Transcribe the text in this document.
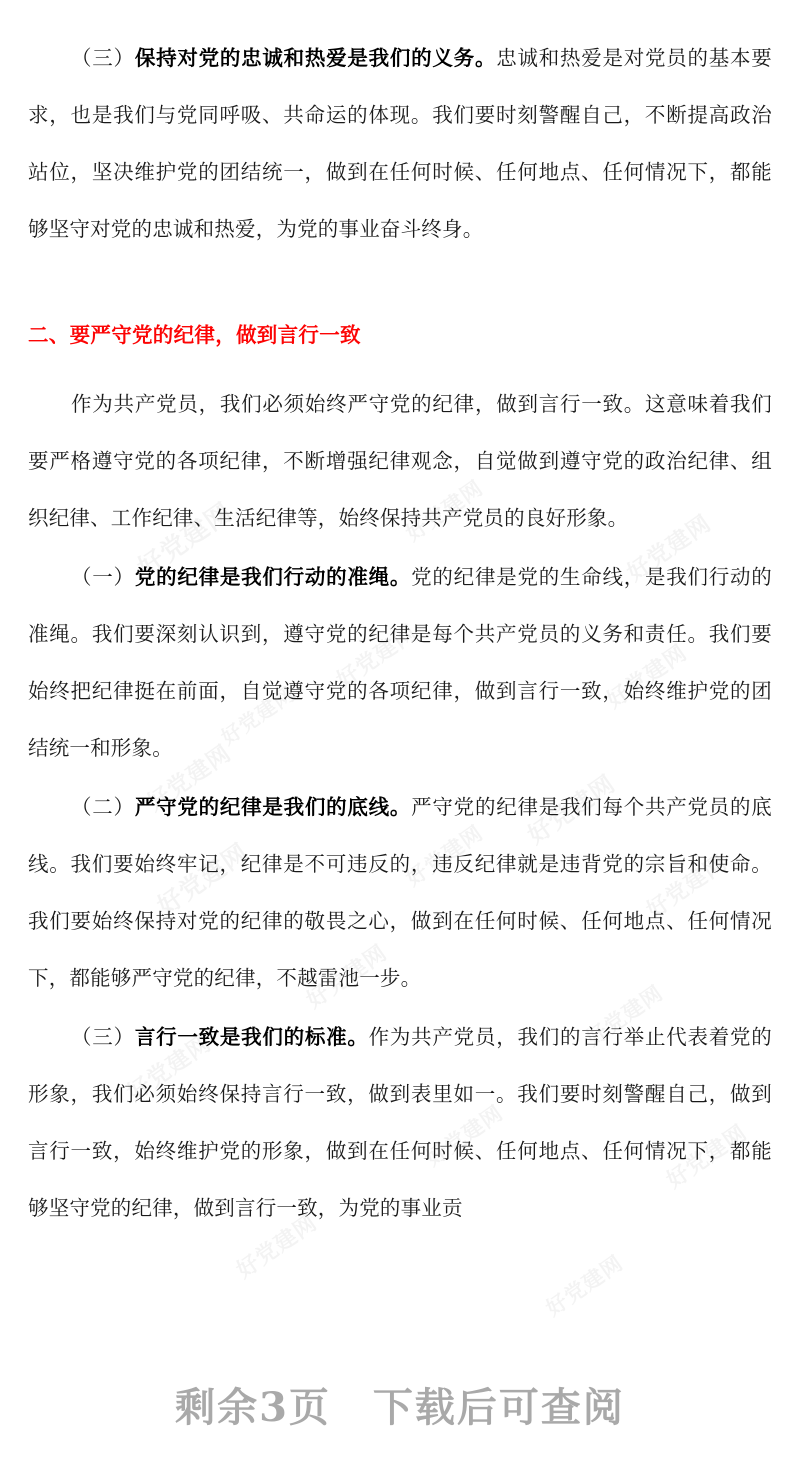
（三）保持对党的忠诚和热爱是我们的义务。忠诚和热爱是对党员的基本要求，也是我们与党同呼吸、共命运的体现。我们要时刻警醒自己，不断提高政治站位，坚决维护党的团结统一，做到在任何时候、任何地点、任何情况下，都能够坚守对党的忠诚和热爱，为党的事业奋斗终身。

二、要严守党的纪律，做到言行一致

作为共产党员，我们必须始终严守党的纪律，做到言行一致。这意味着我们要严格遵守党的各项纪律，不断增强纪律观念，自觉做到遵守党的政治纪律、组织纪律、工作纪律、生活纪律等，始终保持共产党员的良好形象。

（一）党的纪律是我们行动的准绳。党的纪律是党的生命线，是我们行动的准绳。我们要深刻认识到，遵守党的纪律是每个共产党员的义务和责任。我们要始终把纪律挺在前面，自觉遵守党的各项纪律，做到言行一致，始终维护党的团结统一和形象。

（二）严守党的纪律是我们的底线。严守党的纪律是我们每个共产党员的底线。我们要始终牢记，纪律是不可违反的，违反纪律就是违背党的宗旨和使命。我们要始终保持对党的纪律的敬畏之心，做到在任何时候、任何地点、任何情况下，都能够严守党的纪律，不越雷池一步。

（三）言行一致是我们的标准。作为共产党员，我们的言行举止代表着党的形象，我们必须始终保持言行一致，做到表里如一。我们要时刻警醒自己，做到言行一致，始终维护党的形象，做到在任何时候、任何地点、任何情况下，都能够坚守党的纪律，做到言行一致，为党的事业贡

剩余3页　下载后可查阅
